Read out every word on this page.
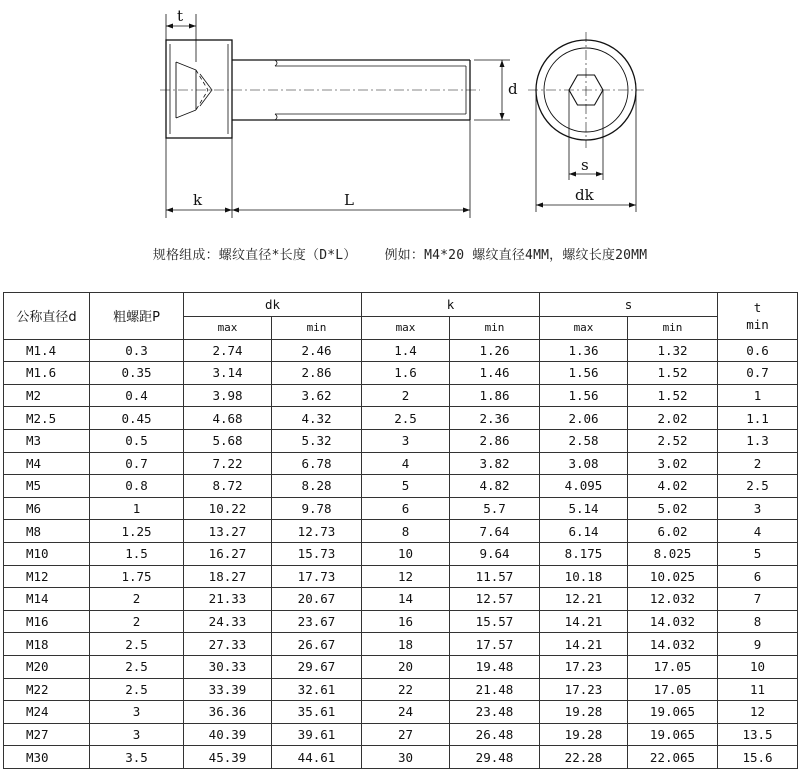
t
k	L
d
s
dk
规格组成：螺纹直径*长度（D*L） 例如：M4*20 螺纹直径4MM，螺纹长度20MM
公称直径d	粗螺距P	dk		k		s		t
min

		max	min	max	min	max	min	
M1.4	0.3	2.74	2.46	1.4	1.26	1.36	1.32	0.6
M1.6	0.35	3.14	2.86	1.6	1.46	1.56	1.52	0.7
M2	0.4	3.98	3.62	2	1.86	1.56	1.52	1
M2.5	0.45	4.68	4.32	2.5	2.36	2.06	2.02	1.1
M3	0.5	5.68	5.32	3	2.86	2.58	2.52	1.3
M4	0.7	7.22	6.78	4	3.82	3.08	3.02	2
M5	0.8	8.72	8.28	5	4.82	4.095	4.02	2.5
M6	1	10.22	9.78	6	5.7	5.14	5.02	3
M8	1.25	13.27	12.73	8	7.64	6.14	6.02	4
M10	1.5	16.27	15.73	10	9.64	8.175	8.025	5
M12	1.75	18.27	17.73	12	11.57	10.18	10.025	6
M14	2	21.33	20.67	14	12.57	12.21	12.032	7
M16	2	24.33	23.67	16	15.57	14.21	14.032	8
M18	2.5	27.33	26.67	18	17.57	14.21	14.032	9
M20	2.5	30.33	29.67	20	19.48	17.23	17.05	10
M22	2.5	33.39	32.61	22	21.48	17.23	17.05	11
M24	3	36.36	35.61	24	23.48	19.28	19.065	12
M27	3	40.39	39.61	27	26.48	19.28	19.065	13.5
M30	3.5	45.39	44.61	30	29.48	22.28	22.065	15.6
